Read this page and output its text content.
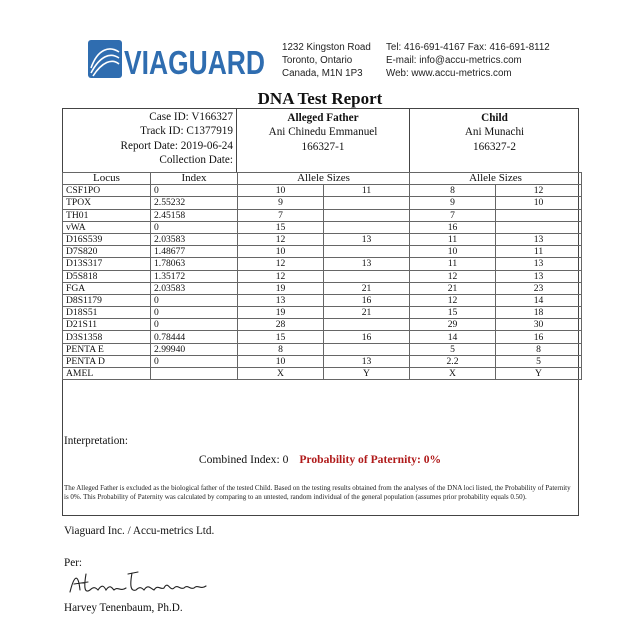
VIAGUARD 1232 Kingston Road
Toronto, Ontario
Canada, M1N 1P3
Tel: 416-691-4167 Fax: 416-691-8112
E-mail: info@accu-metrics.com
Web: www.accu-metrics.com
DNA Test Report
Case ID: V166327
Track ID: C1377919
Report Date: 2019-06-24
Collection Date:
Alleged Father
Ani Chinedu Emmanuel
166327-1
Child
Ani Munachi
166327-2
Locus	Index	Allele Sizes		Allele Sizes	
CSF1PO	0	10	11	8	12
TPOX	2.55232	9		9	10
TH01	2.45158	7		7	
vWA	0	15		16	
D16S539	2.03583	12	13	11	13
D7S820	1.48677	10		10	11
D13S317	1.78063	12	13	11	13
D5S818	1.35172	12		12	13
FGA	2.03583	19	21	21	23
D8S1179	0	13	16	12	14
D18S51	0	19	21	15	18
D21S11	0	28		29	30
D3S1358	0.78444	15	16	14	16
PENTA E	2.99940	8		5	8
PENTA D	0	10	13	2.2	5
AMEL		X	Y	X	Y
Interpretation:
Combined Index: 0 Probability of Paternity: 0%
The Alleged Father is excluded as the biological father of the tested Child. Based on the testing results obtained from the analyses of the DNA loci listed, the Probability of Paternity is 0%. This Probability of Paternity was calculated by comparing to an untested, random individual of the general population (assumes prior probability equals 0.50).
Viaguard Inc. / Accu-metrics Ltd.
Per:
Harvey Tenenbaum, Ph.D.
